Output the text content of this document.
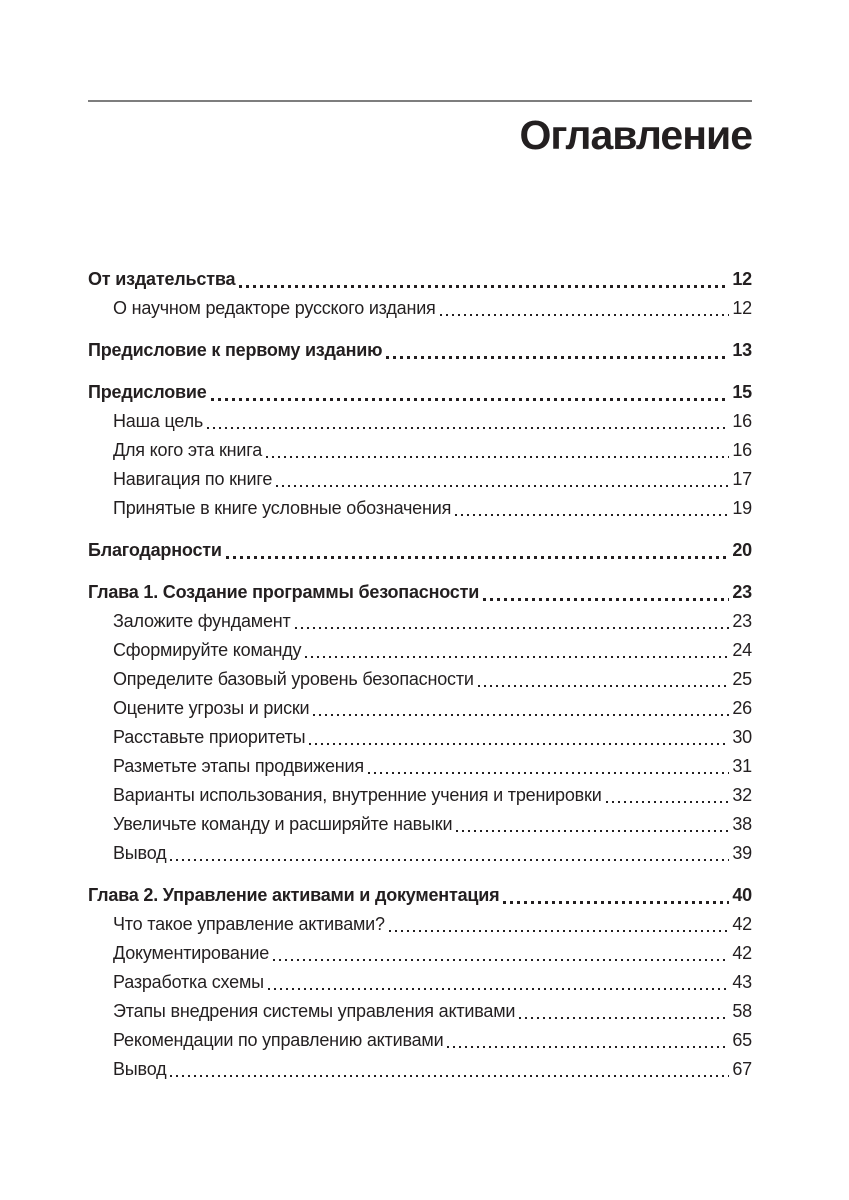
Оглавление
От издательства	12
О научном редакторе русского издания	12
Предисловие к первому изданию	13
Предисловие	15
Наша цель	16
Для кого эта книга	16
Навигация по книге	17
Принятые в книге условные обозначения	19
Благодарности	20
Глава 1. Создание программы безопасности	23
Заложите фундамент	23
Сформируйте команду	24
Определите базовый уровень безопасности	25
Оцените угрозы и риски	26
Расставьте приоритеты	30
Разметьте этапы продвижения	31
Варианты использования, внутренние учения и тренировки	32
Увеличьте команду и расширяйте навыки	38
Вывод	39
Глава 2. Управление активами и документация	40
Что такое управление активами?	42
Документирование	42
Разработка схемы	43
Этапы внедрения системы управления активами	58
Рекомендации по управлению активами	65
Вывод	67
